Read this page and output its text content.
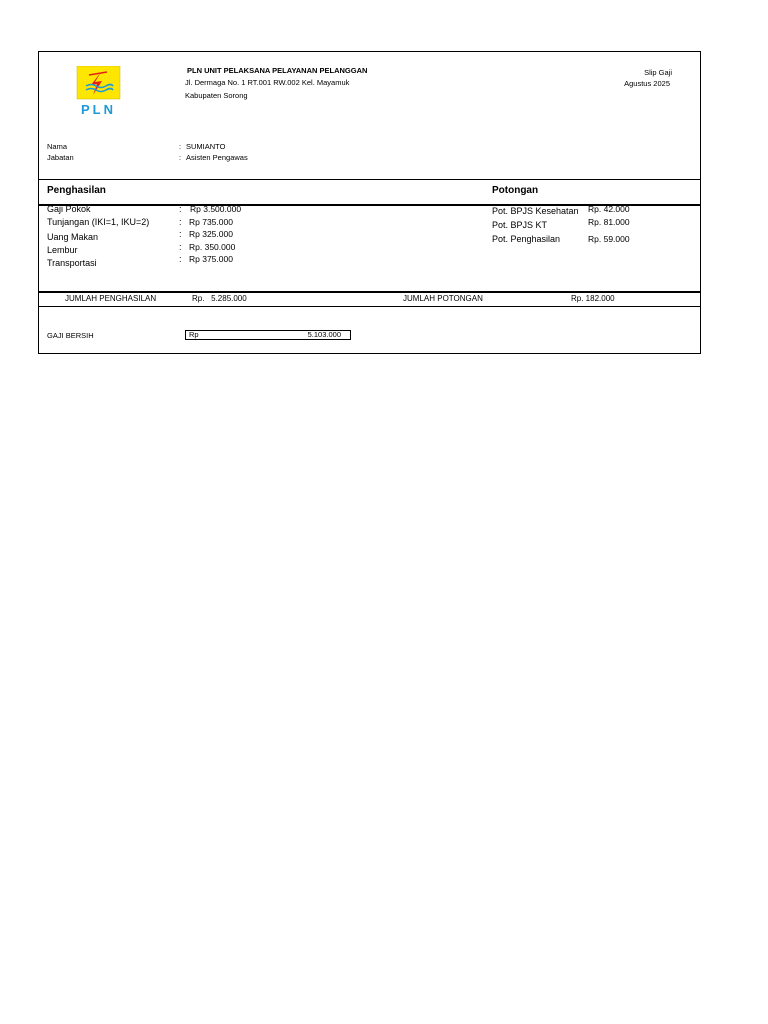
PLN
PLN UNIT PELAKSANA PELAYANAN PELANGGAN
Jl. Dermaga No. 1 RT.001 RW.002 Kel. Mayamuk
Kabupaten Sorong
Slip Gaji
Agustus 2025
Nama	: SUMIANTO
Jabatan	: Asisten Pengawas
Penghasilan	Potongan
Gaji Pokok	: Rp 3.500.000
Tunjangan (IKI=1, IKU=2)	: Rp 735.000
Uang Makan	: Rp 325.000
Lembur	: Rp. 350.000
Transportasi	: Rp 375.000
Pot. BPJS Kesehatan Rp. 42.000
Pot. BPJS KT	Rp. 81.000
Pot. Penghasilan	Rp. 59.000
JUMLAH PENGHASILAN	Rp.   5.285.000	JUMLAH POTONGAN	Rp. 182.000
GAJI BERSIH	Rp	5.103.000
